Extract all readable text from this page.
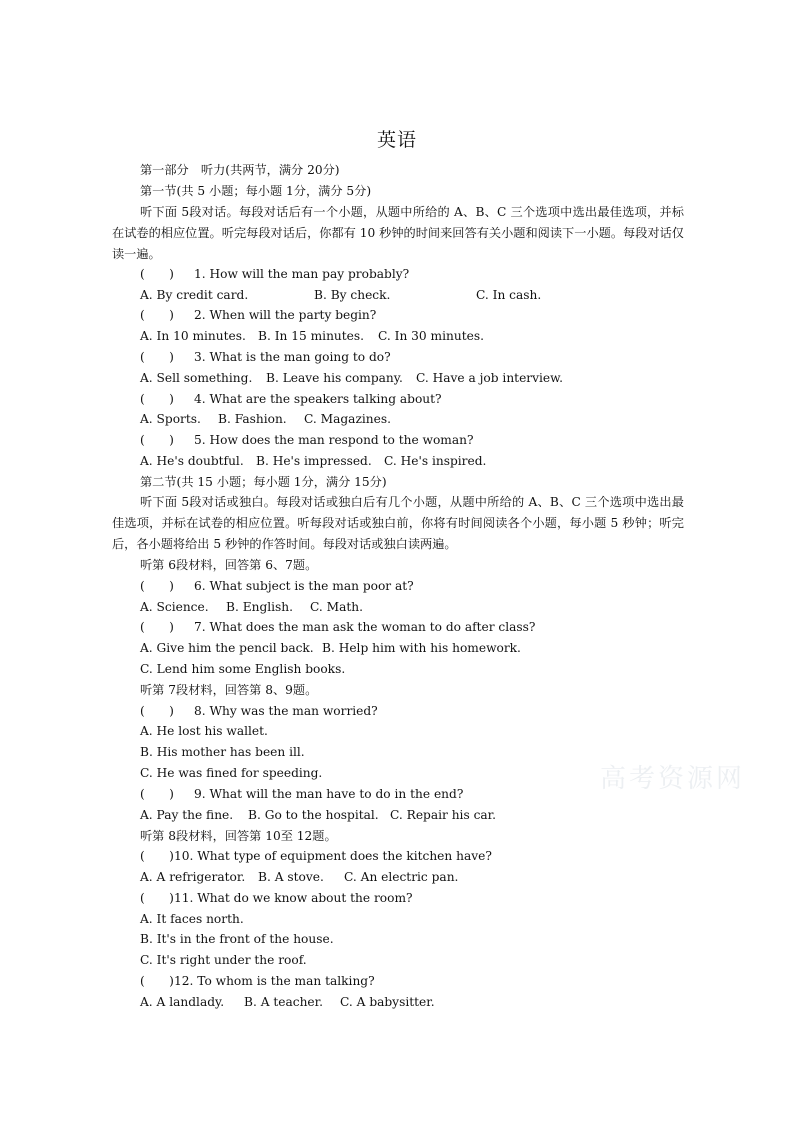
英语
第一部分　听力(共两节，满分 20分)
第一节(共 5 小题；每小题 1分，满分 5分)
听下面 5段对话。每段对话后有一个小题，从题中所给的 A、B、C 三个选项中选出最佳选项，并标在试卷的相应位置。听完每段对话后，你都有 10 秒钟的时间来回答有关小题和阅读下一小题。每段对话仅读一遍。
(　　) 1. How will the man pay probably?
A. By credit card.	B. By check.	C. In cash.
(　　) 2. When will the party begin?
A. In 10 minutes. B. In 15 minutes. C. In 30 minutes.
(　　) 3. What is the man going to do?
A. Sell something. B. Leave his company. C. Have a job interview.
(　　) 4. What are the speakers talking about?
A. Sports. B. Fashion. C. Magazines.
(　　) 5. How does the man respond to the woman?
A. He's doubtful. B. He's impressed. C. He's inspired.
第二节(共 15 小题；每小题 1分，满分 15分)
听下面 5段对话或独白。每段对话或独白后有几个小题，从题中所给的 A、B、C 三个选项中选出最佳选项，并标在试卷的相应位置。听每段对话或独白前，你将有时间阅读各个小题，每小题 5 秒钟；听完后，各小题将给出 5 秒钟的作答时间。每段对话或独白读两遍。
听第 6段材料，回答第 6、7题。
(　　) 6. What subject is the man poor at?
A. Science. B. English. C. Math.
(　　) 7. What does the man ask the woman to do after class?
A. Give him the pencil back. B. Help him with his homework.
C. Lend him some English books.
听第 7段材料，回答第 8、9题。
(　　) 8. Why was the man worried?
A. He lost his wallet.
B. His mother has been ill.
C. He was fined for speeding.
(　　) 9. What will the man have to do in the end?
A. Pay the fine. B. Go to the hospital. C. Repair his car.
听第 8段材料，回答第 10至 12题。
(　　)10. What type of equipment does the kitchen have?
A. A refrigerator. B. A stove. C. An electric pan.
(　　)11. What do we know about the room?
A. It faces north.
B. It's in the front of the house.
C. It's right under the roof.
(　　)12. To whom is the man talking?
A. A landlady. B. A teacher. C. A babysitter.
高考资源网
